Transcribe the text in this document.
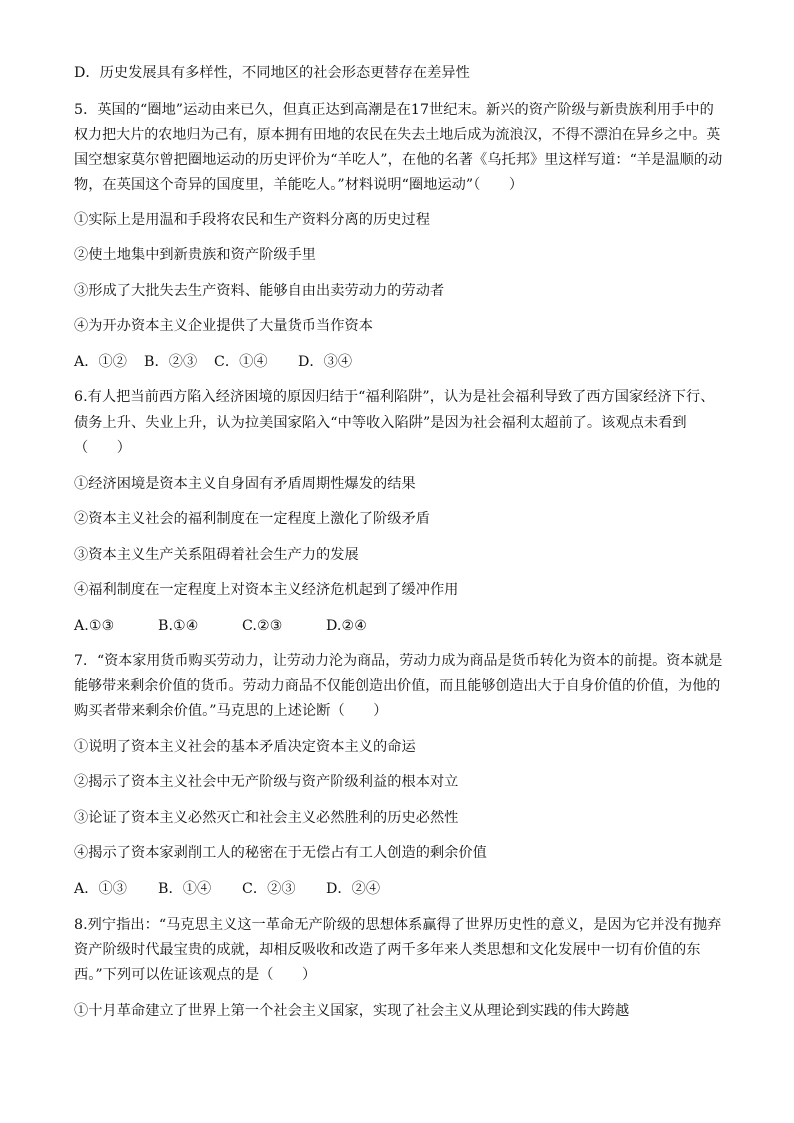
D．历史发展具有多样性，不同地区的社会形态更替存在差异性
5．英国的“圈地”运动由来已久，但真正达到高潮是在17世纪末。新兴的资产阶级与新贵族利用手中的
权力把大片的农地归为己有，原本拥有田地的农民在失去土地后成为流浪汉，不得不漂泊在异乡之中。英
国空想家莫尔曾把圈地运动的历史评价为“羊吃人”，在他的名著《乌托邦》里这样写道：“羊是温顺的动
物，在英国这个奇异的国度里，羊能吃人。”材料说明“圈地运动”（　　）
①实际上是用温和手段将农民和生产资料分离的历史过程
②使土地集中到新贵族和资产阶级手里
③形成了大批失去生产资料、能够自由出卖劳动力的劳动者
④为开办资本主义企业提供了大量货币当作资本
A．①② B．②③ C．①④ D．③④
6.有人把当前西方陷入经济困境的原因归结于“福利陷阱”，认为是社会福利导致了西方国家经济下行、
债务上升、失业上升，认为拉美国家陷入“中等收入陷阱”是因为社会福利太超前了。该观点未看到
（　　）
①经济困境是资本主义自身固有矛盾周期性爆发的结果
②资本主义社会的福利制度在一定程度上激化了阶级矛盾
③资本主义生产关系阻碍着社会生产力的发展
④福利制度在一定程度上对资本主义经济危机起到了缓冲作用
A.①③	B.①④	C.②③	D.②④
7．“资本家用货币购买劳动力，让劳动力沦为商品，劳动力成为商品是货币转化为资本的前提。资本就是
能够带来剩余价值的货币。劳动力商品不仅能创造出价值，而且能够创造出大于自身价值的价值，为他的
购买者带来剩余价值。”马克思的上述论断（　　）
①说明了资本主义社会的基本矛盾决定资本主义的命运
②揭示了资本主义社会中无产阶级与资产阶级利益的根本对立
③论证了资本主义必然灭亡和社会主义必然胜利的历史必然性
④揭示了资本家剥削工人的秘密在于无偿占有工人创造的剩余价值
A．①③ B．①④ C．②③ D．②④
8.列宁指出：“马克思主义这一革命无产阶级的思想体系赢得了世界历史性的意义，是因为它并没有抛弃
资产阶级时代最宝贵的成就，却相反吸收和改造了两千多年来人类思想和文化发展中一切有价值的东
西。”下列可以佐证该观点的是（　　）
①十月革命建立了世界上第一个社会主义国家，实现了社会主义从理论到实践的伟大跨越
